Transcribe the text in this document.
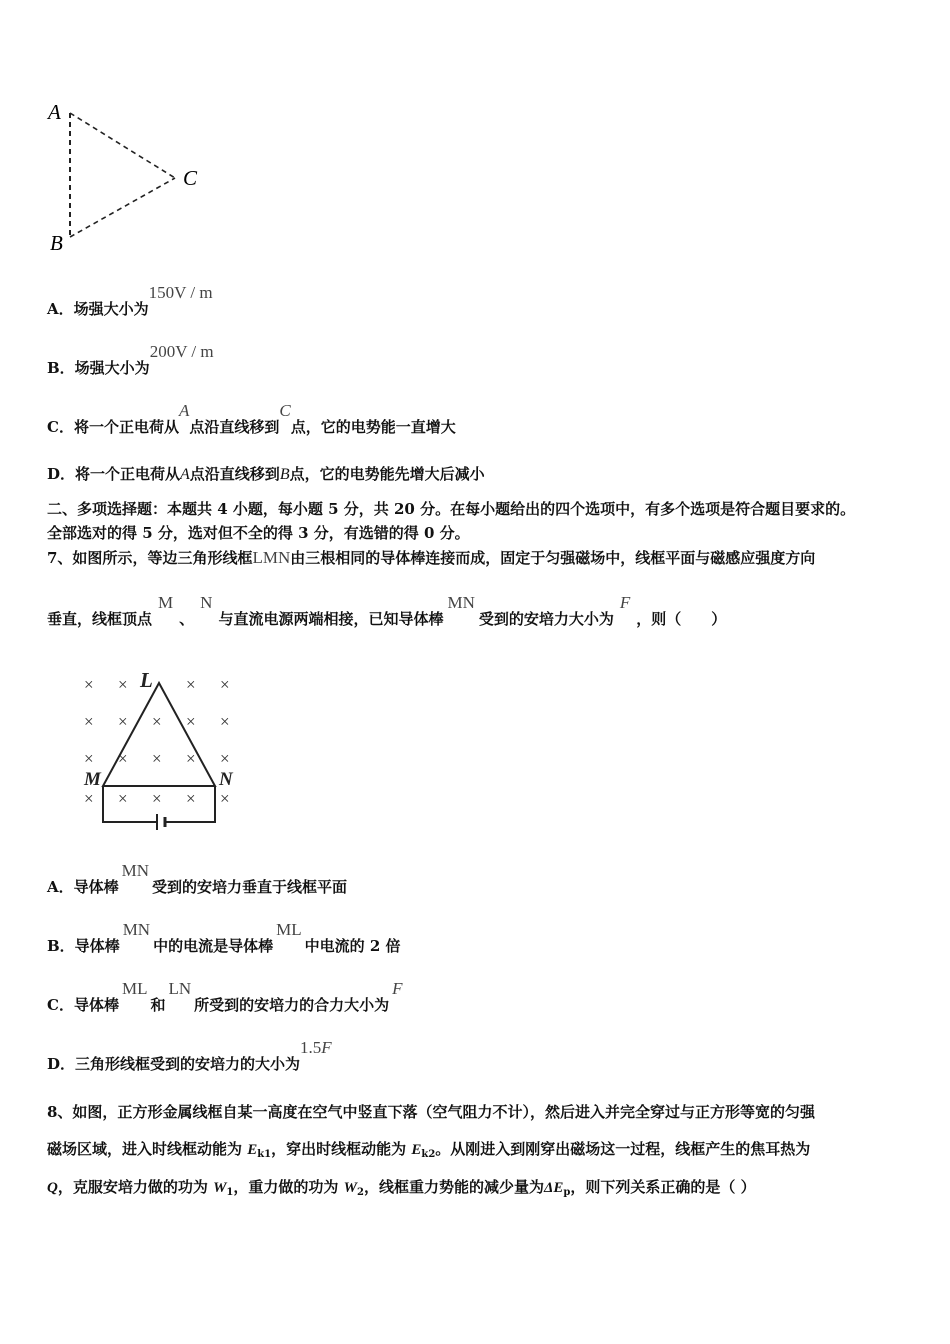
A
B
C
A．场强大小为150V / m
B．场强大小为200V / m
C．将一个正电荷从A点沿直线移到C点，它的电势能一直增大
D．将一个正电荷从A点沿直线移到B点，它的电势能先增大后减小
二、多项选择题：本题共 4 小题，每小题 5 分，共 20 分。在每小题给出的四个选项中，有多个选项是符合题目要求的。
全部选对的得 5 分，选对但不全的得 3 分，有选错的得 0 分。
7、如图所示，等边三角形线框LMN由三根相同的导体棒连接而成，固定于匀强磁场中，线框平面与磁感应强度方向
垂直，线框顶点M、N与直流电源两端相接，已知导体棒MN受到的安培力大小为F，则（　　）
× ×	× ×
× × × × ×
× × × × ×
× × × × ×
L
M	N
A．导体棒MN受到的安培力垂直于线框平面
B．导体棒MN中的电流是导体棒ML中电流的 2 倍
C．导体棒ML和LN所受到的安培力的合力大小为F
D．三角形线框受到的安培力的大小为1.5F
8、如图，正方形金属线框自某一高度在空气中竖直下落（空气阻力不计），然后进入并完全穿过与正方形等宽的匀强
磁场区域，进入时线框动能为 $E_{k1}$，穿出时线框动能为 $E_{k2}$。从刚进入到刚穿出磁场这一过程，线框产生的焦耳热为
Q，克服安培力做的功为 $W_1$，重力做的功为 $W_2$，线框重力势能的减少量为$\Delta E_p$，则下列关系正确的是（ ）
